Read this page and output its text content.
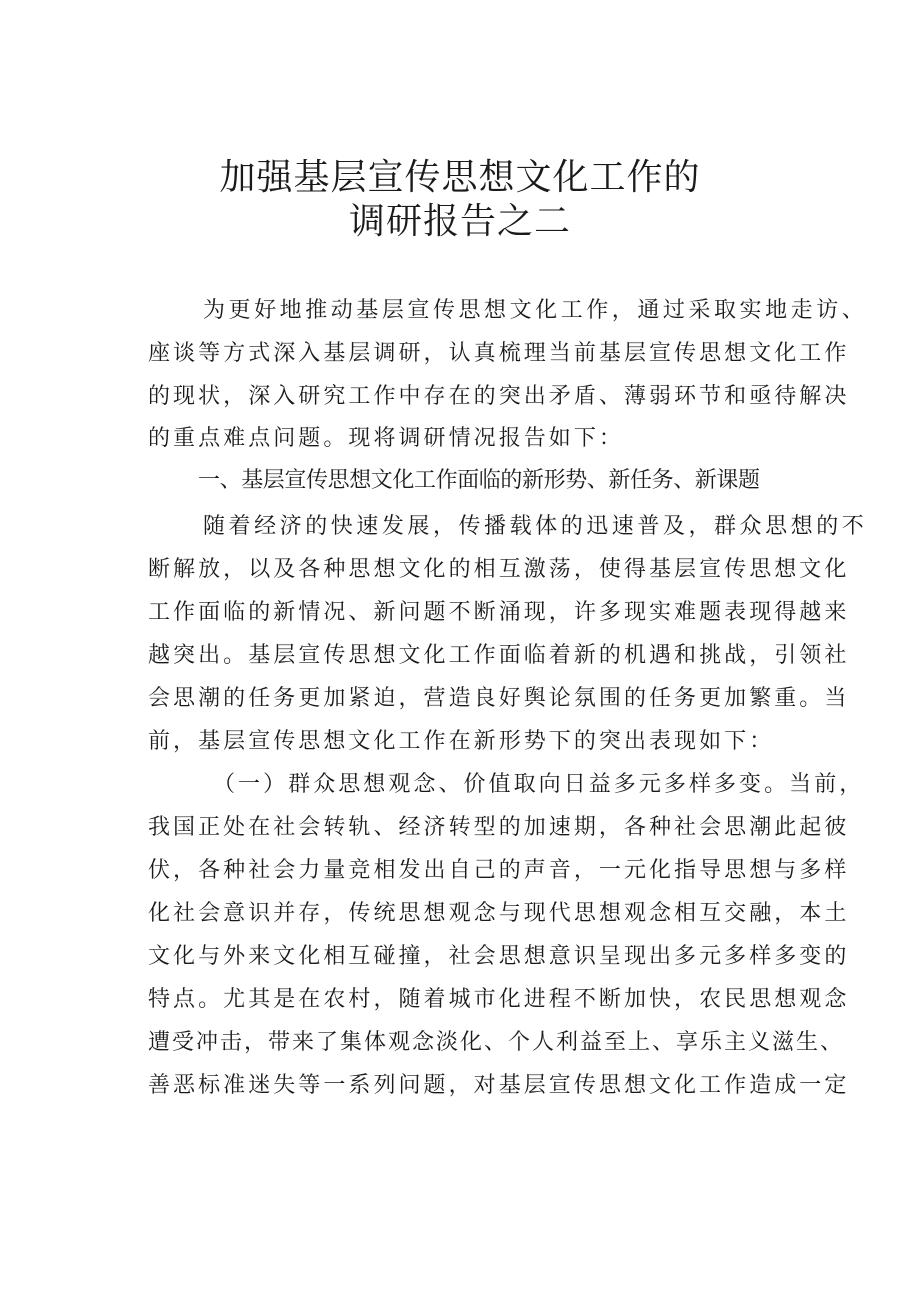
加强基层宣传思想文化工作的
调研报告之二

为更好地推动基层宣传思想文化工作，通过采取实地走访、

座谈等方式深入基层调研，认真梳理当前基层宣传思想文化工作

的现状，深入研究工作中存在的突出矛盾、薄弱环节和亟待解决

的重点难点问题。现将调研情况报告如下：

一、基层宣传思想文化工作面临的新形势、新任务、新课题

随着经济的快速发展，传播载体的迅速普及，群众思想的不

断解放，以及各种思想文化的相互激荡，使得基层宣传思想文化

工作面临的新情况、新问题不断涌现，许多现实难题表现得越来

越突出。基层宣传思想文化工作面临着新的机遇和挑战，引领社

会思潮的任务更加紧迫，营造良好舆论氛围的任务更加繁重。当

前，基层宣传思想文化工作在新形势下的突出表现如下：

（一）群众思想观念、价值取向日益多元多样多变。当前，

我国正处在社会转轨、经济转型的加速期，各种社会思潮此起彼

伏，各种社会力量竞相发出自己的声音，一元化指导思想与多样

化社会意识并存，传统思想观念与现代思想观念相互交融，本土

文化与外来文化相互碰撞，社会思想意识呈现出多元多样多变的

特点。尤其是在农村，随着城市化进程不断加快，农民思想观念

遭受冲击，带来了集体观念淡化、个人利益至上、享乐主义滋生、

善恶标准迷失等一系列问题，对基层宣传思想文化工作造成一定
